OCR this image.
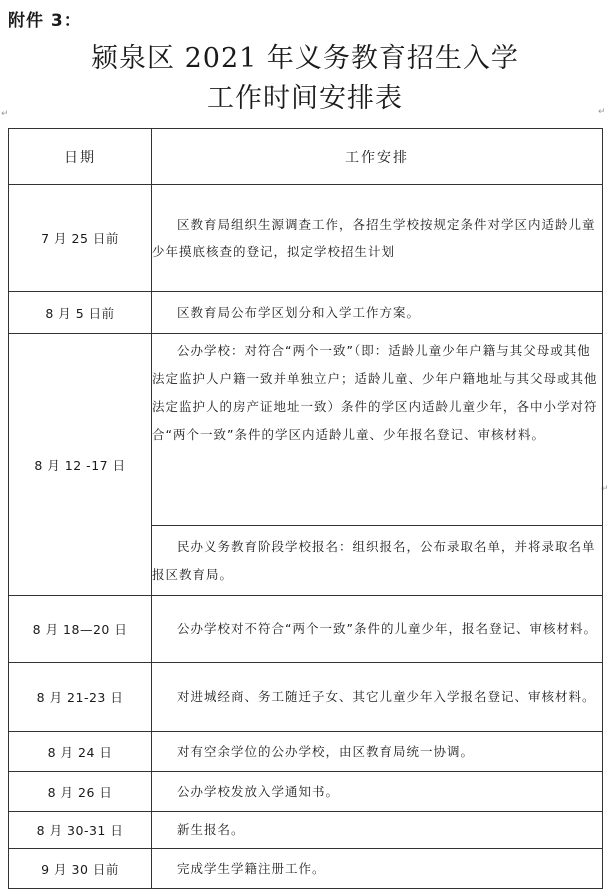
附件 3：
颍泉区 2021 年义务教育招生入学
工作时间安排表
↵	↵
↵
日期	工作安排
7 月 25 日前	区教育局组织生源调查工作，各招生学校按规定条件对学区内适龄儿童少年摸底核查的登记，拟定学校招生计划

8 月 5 日前	区教育局公布学区划分和入学工作方案。

8 月 12 -17 日	公办学校：对符合“两个一致”（即：适龄儿童少年户籍与其父母或其他法定监护人户籍一致并单独立户；适龄儿童、少年户籍地址与其父母或其他法定监护人的房产证地址一致）条件的学区内适龄儿童少年，各中小学对符合“两个一致”条件的学区内适龄儿童、少年报名登记、审核材料。

	民办义务教育阶段学校报名：组织报名，公布录取名单，并将录取名单报区教育局。

8 月 18—20 日	公办学校对不符合“两个一致”条件的儿童少年，报名登记、审核材料。

8 月 21-23 日	对进城经商、务工随迁子女、其它儿童少年入学报名登记、审核材料。

8 月 24 日	对有空余学位的公办学校，由区教育局统一协调。

8 月 26 日	公办学校发放入学通知书。

8 月 30-31 日	新生报名。

9 月 30 日前	完成学生学籍注册工作。
